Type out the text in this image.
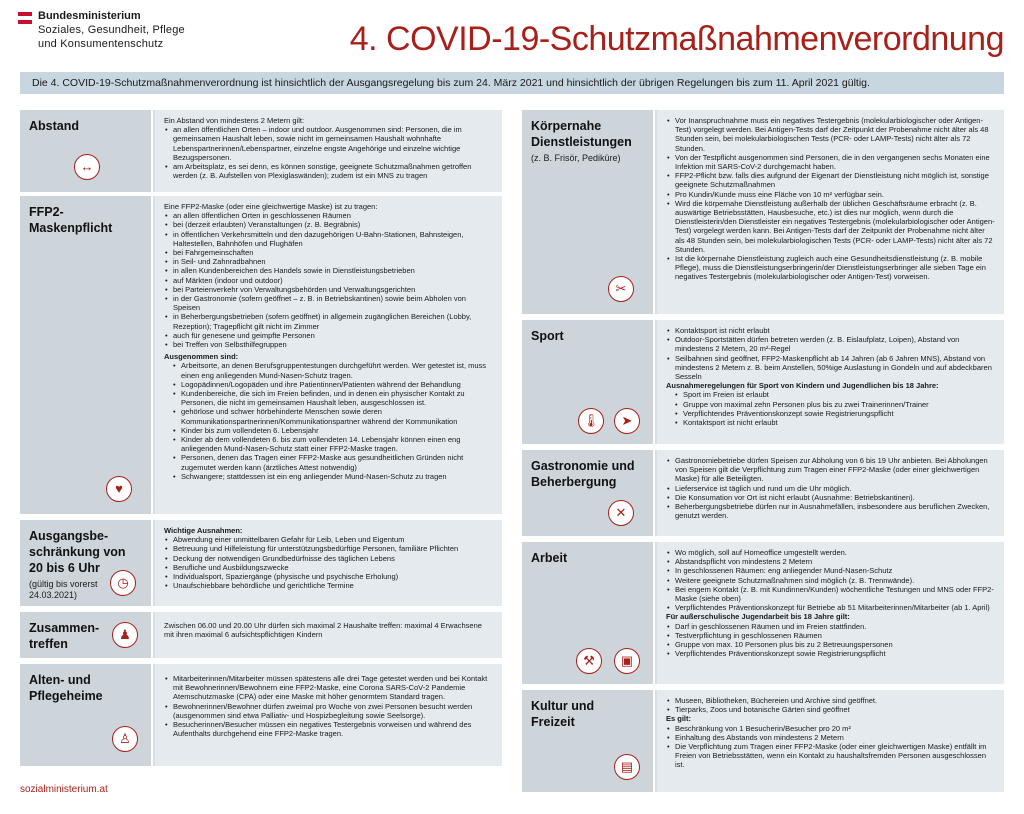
Bundesministerium
Soziales, Gesundheit, Pflege
und Konsumentenschutz	4. COVID-19-Schutzmaßnahmenverordnung
Die 4. COVID-19-Schutzmaßnahmenverordnung ist hinsichtlich der Ausgangsregelung bis zum 24. März 2021 und hinsichtlich der übrigen Regelungen bis zum 11. April 2021 gültig.
Abstand
↔

Ein Abstand von mindestens 2 Metern gilt:

• an allen öffentlichen Orten – indoor und outdoor. Ausgenommen sind: Personen, die im gemeinsamen Haushalt leben, sowie nicht im gemeinsamen Haushalt wohnhafte Lebenspartnerinnen/Lebenspartner, einzelne engste Angehörige und einzelne wichtige Bezugspersonen.
• am Arbeitsplatz, es sei denn, es können sonstige, geeignete Schutzmaßnahmen getroffen werden (z. B. Aufstellen von Plexiglaswänden); zudem ist ein MNS zu tragen
FFP2-
Maskenpflicht
♥

Eine FFP2-Maske (oder eine gleichwertige Maske) ist zu tragen:

• an allen öffentlichen Orten in geschlossenen Räumen
• bei (derzeit erlaubten) Veranstaltungen (z. B. Begräbnis)
• in öffentlichen Verkehrsmitteln und den dazugehörigen U-Bahn-Stationen, Bahnsteigen, Haltestellen, Bahnhöfen und Flughäfen
• bei Fahrgemeinschaften
• in Seil- und Zahnradbahnen
• in allen Kundenbereichen des Handels sowie in Dienstleistungsbetrieben
• auf Märkten (indoor und outdoor)
• bei Parteienverkehr von Verwaltungsbehörden und Verwaltungsgerichten
• in der Gastronomie (sofern geöffnet – z. B. in Betriebskantinen) sowie beim Abholen von Speisen
• in Beherbergungsbetrieben (sofern geöffnet) in allgemein zugänglichen Bereichen (Lobby, Rezeption); Tragepflicht gilt nicht im Zimmer
• auch für genesene und geimpfte Personen
• bei Treffen von Selbsthilfegruppen

Ausgenommen sind:

• Arbeitsorte, an denen Berufsgruppentestungen durchgeführt werden. Wer getestet ist, muss einen eng anliegenden Mund-Nasen-Schutz tragen.
• Logopädinnen/Logopäden und ihre Patientinnen/Patienten während der Behandlung
• Kundenbereiche, die sich im Freien befinden, und in denen ein physischer Kontakt zu Personen, die nicht im gemeinsamen Haushalt leben, ausgeschlossen ist.
• gehörlose und schwer hörbehinderte Menschen sowie deren Kommunikationspartnerinnen/Kommunikationspartner während der Kommunikation
• Kinder bis zum vollendeten 6. Lebensjahr
• Kinder ab dem vollendeten 6. bis zum vollendeten 14. Lebensjahr können einen eng anliegenden Mund-Nasen-Schutz statt einer FFP2-Maske tragen.
• Personen, denen das Tragen einer FFP2-Maske aus gesundheitlichen Gründen nicht zugemutet werden kann (ärztliches Attest notwendig)
• Schwangere; stattdessen ist ein eng anliegender Mund-Nasen-Schutz zu tragen
Ausgangsbe-
schränkung von
20 bis 6 Uhr
(gültig bis vorerst
24.03.2021)
◷

Wichtige Ausnahmen:

• Abwendung einer unmittelbaren Gefahr für Leib, Leben und Eigentum
• Betreuung und Hilfeleistung für unterstützungsbedürftige Personen, familiäre Pflichten
• Deckung der notwendigen Grundbedürfnisse des täglichen Lebens
• Berufliche und Ausbildungszwecke
• Individualsport, Spaziergänge (physische und psychische Erholung)
• Unaufschiebbare behördliche und gerichtliche Termine
Zusammen-
treffen
♟

Zwischen 06.00 und 20.00 Uhr dürfen sich maximal 2 Haushalte treffen: maximal 4 Erwachsene mit ihren maximal 6 aufsichtspflichtigen Kindern

Alten- und
Pflegeheime
♙
• Mitarbeiterinnen/Mitarbeiter müssen spätestens alle drei Tage getestet werden und bei Kontakt mit Bewohnerinnen/Bewohnern eine FFP2-Maske, eine Corona SARS-CoV-2 Pandemie Atemschutzmaske (CPA) oder eine Maske mit höher genormtem Standard tragen.
• Bewohnerinnen/Bewohner dürfen zweimal pro Woche von zwei Personen besucht werden (ausgenommen sind etwa Palliativ- und Hospizbegleitung sowie Seelsorge).
• Besucherinnen/Besucher müssen ein negatives Testergebnis vorweisen und während des Aufenthalts durchgehend eine FFP2-Maske tragen.
Körpernahe
Dienstleistungen
(z. B. Frisör, Pediküre)
✂
• Vor Inanspruchnahme muss ein negatives Testergebnis (molekularbiologischer oder Antigen-Test) vorgelegt werden. Bei Antigen-Tests darf der Zeitpunkt der Probenahme nicht älter als 48 Stunden sein, bei molekularbiologischen Tests (PCR- oder LAMP-Tests) nicht älter als 72 Stunden.
• Von der Testpflicht ausgenommen sind Personen, die in den vergangenen sechs Monaten eine Infektion mit SARS-CoV-2 durchgemacht haben.
• FFP2-Pflicht bzw. falls dies aufgrund der Eigenart der Dienstleistung nicht möglich ist, sonstige geeignete Schutzmaßnahmen
• Pro Kundin/Kunde muss eine Fläche von 10 m² verfügbar sein.
• Wird die körpernahe Dienstleistung außerhalb der üblichen Geschäftsräume erbracht (z. B. auswärtige Betriebsstätten, Hausbesuche, etc.) ist dies nur möglich, wenn durch die Dienstleisterin/den Dienstleister ein negatives Testergebnis (molekularbiologischer oder Antigen-Test) vorgelegt werden kann. Bei Antigen-Tests darf der Zeitpunkt der Probenahme nicht älter als 48 Stunden sein, bei molekularbiologischen Tests (PCR- oder LAMP-Tests) nicht älter als 72 Stunden.
• Ist die körpernahe Dienstleistung zugleich auch eine Gesundheitsdienstleistung (z. B. mobile Pflege), muss die Dienstleistungserbringerin/der Dienstleistungserbringer alle sieben Tage ein negatives Testergebnis (molekularbiologischer oder Antigen-Test) vorweisen.
Sport
🌡	➤
• Kontaktsport ist nicht erlaubt
• Outdoor-Sportstätten dürfen betreten werden (z. B. Eislaufplatz, Loipen), Abstand von mindestens 2 Metern, 20 m²-Regel
• Seilbahnen sind geöffnet, FFP2-Maskenpflicht ab 14 Jahren (ab 6 Jahren MNS), Abstand von mindestens 2 Metern z. B. beim Anstellen, 50%ige Auslastung in Gondeln und auf abdeckbaren Sesseln

Ausnahmeregelungen für Sport von Kindern und Jugendlichen bis 18 Jahre:

• Sport im Freien ist erlaubt
• Gruppe von maximal zehn Personen plus bis zu zwei Trainerinnen/Trainer
• Verpflichtendes Präventionskonzept sowie Registrierungspflicht
• Kontaktsport ist nicht erlaubt
Gastronomie und
Beherbergung
✕
• Gastronomiebetriebe dürfen Speisen zur Abholung von 6 bis 19 Uhr anbieten. Bei Abholungen von Speisen gilt die Verpflichtung zum Tragen einer FFP2-Maske (oder einer gleichwertigen Maske) für alle Beteiligten.
• Lieferservice ist täglich und rund um die Uhr möglich.
• Die Konsumation vor Ort ist nicht erlaubt (Ausnahme: Betriebskantinen).
• Beherbergungsbetriebe dürfen nur in Ausnahmefällen, insbesondere aus beruflichen Zwecken, genutzt werden.
Arbeit
⚒	▣
• Wo möglich, soll auf Homeoffice umgestellt werden.
• Abstandspflicht von mindestens 2 Metern
• In geschlossenen Räumen: eng anliegender Mund-Nasen-Schutz
• Weitere geeignete Schutzmaßnahmen sind möglich (z. B. Trennwände).
• Bei engem Kontakt (z. B. mit Kundinnen/Kunden) wöchentliche Testungen und MNS oder FFP2-Maske (siehe oben)
• Verpflichtendes Präventionskonzept für Betriebe ab 51 Mitarbeiterinnen/Mitarbeiter (ab 1. April)

Für außerschulische Jugendarbeit bis 18 Jahre gilt:

• Darf in geschlossenen Räumen und im Freien stattfinden.
• Testverpflichtung in geschlossenen Räumen
• Gruppe von max. 10 Personen plus bis zu 2 Betreuungspersonen
• Verpflichtendes Präventionskonzept sowie Registrierungspflicht
Kultur und
Freizeit
▤
• Museen, Bibliotheken, Büchereien und Archive sind geöffnet.
• Tierparks, Zoos und botanische Gärten sind geöffnet

Es gilt:

• Beschränkung von 1 Besucherin/Besucher pro 20 m²
• Einhaltung des Abstands von mindestens 2 Metern
• Die Verpflichtung zum Tragen einer FFP2-Maske (oder einer gleichwertigen Maske) entfällt im Freien von Betriebsstätten, wenn ein Kontakt zu haushaltsfremden Personen ausgeschlossen ist.
sozialministerium.at
